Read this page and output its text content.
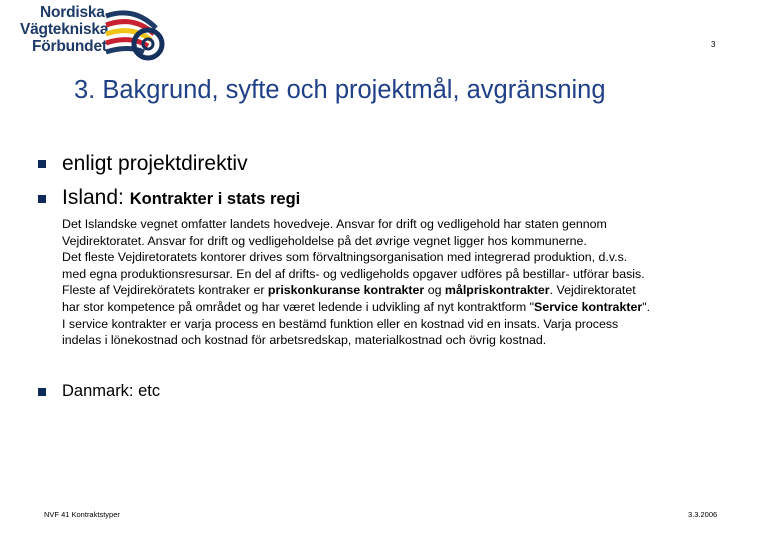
Nordiska
Vägtekniska
Förbundet	3
3. Bakgrund, syfte och projektmål, avgränsning
enligt projektdirektiv
Island: Kontrakter i stats regi
Det Islandske vegnet omfatter landets hovedveje. Ansvar for drift og vedligehold har staten gennom
Vejdirektoratet. Ansvar for drift og vedligeholdelse på det øvrige vegnet ligger hos kommunerne.
Det fleste Vejdiretoratets kontorer drives som förvaltningsorganisation med integrerad produktion, d.v.s.
med egna produktionsresursar. En del af drifts- og vedligeholds opgaver udföres på bestillar- utförar basis.
Fleste af Vejdireköratets kontraker er priskonkuranse kontrakter og målpriskontrakter. Vejdirektoratet
har stor kompetence på området og har været ledende i udvikling af nyt kontraktform "Service kontrakter".
I service kontrakter er varja process en bestämd funktion eller en kostnad vid en insats. Varja process
indelas i lönekostnad och kostnad för arbetsredskap, materialkostnad och övrig kostnad.
Danmark: etc
NVF 41 Kontraktstyper	3.3.2006
